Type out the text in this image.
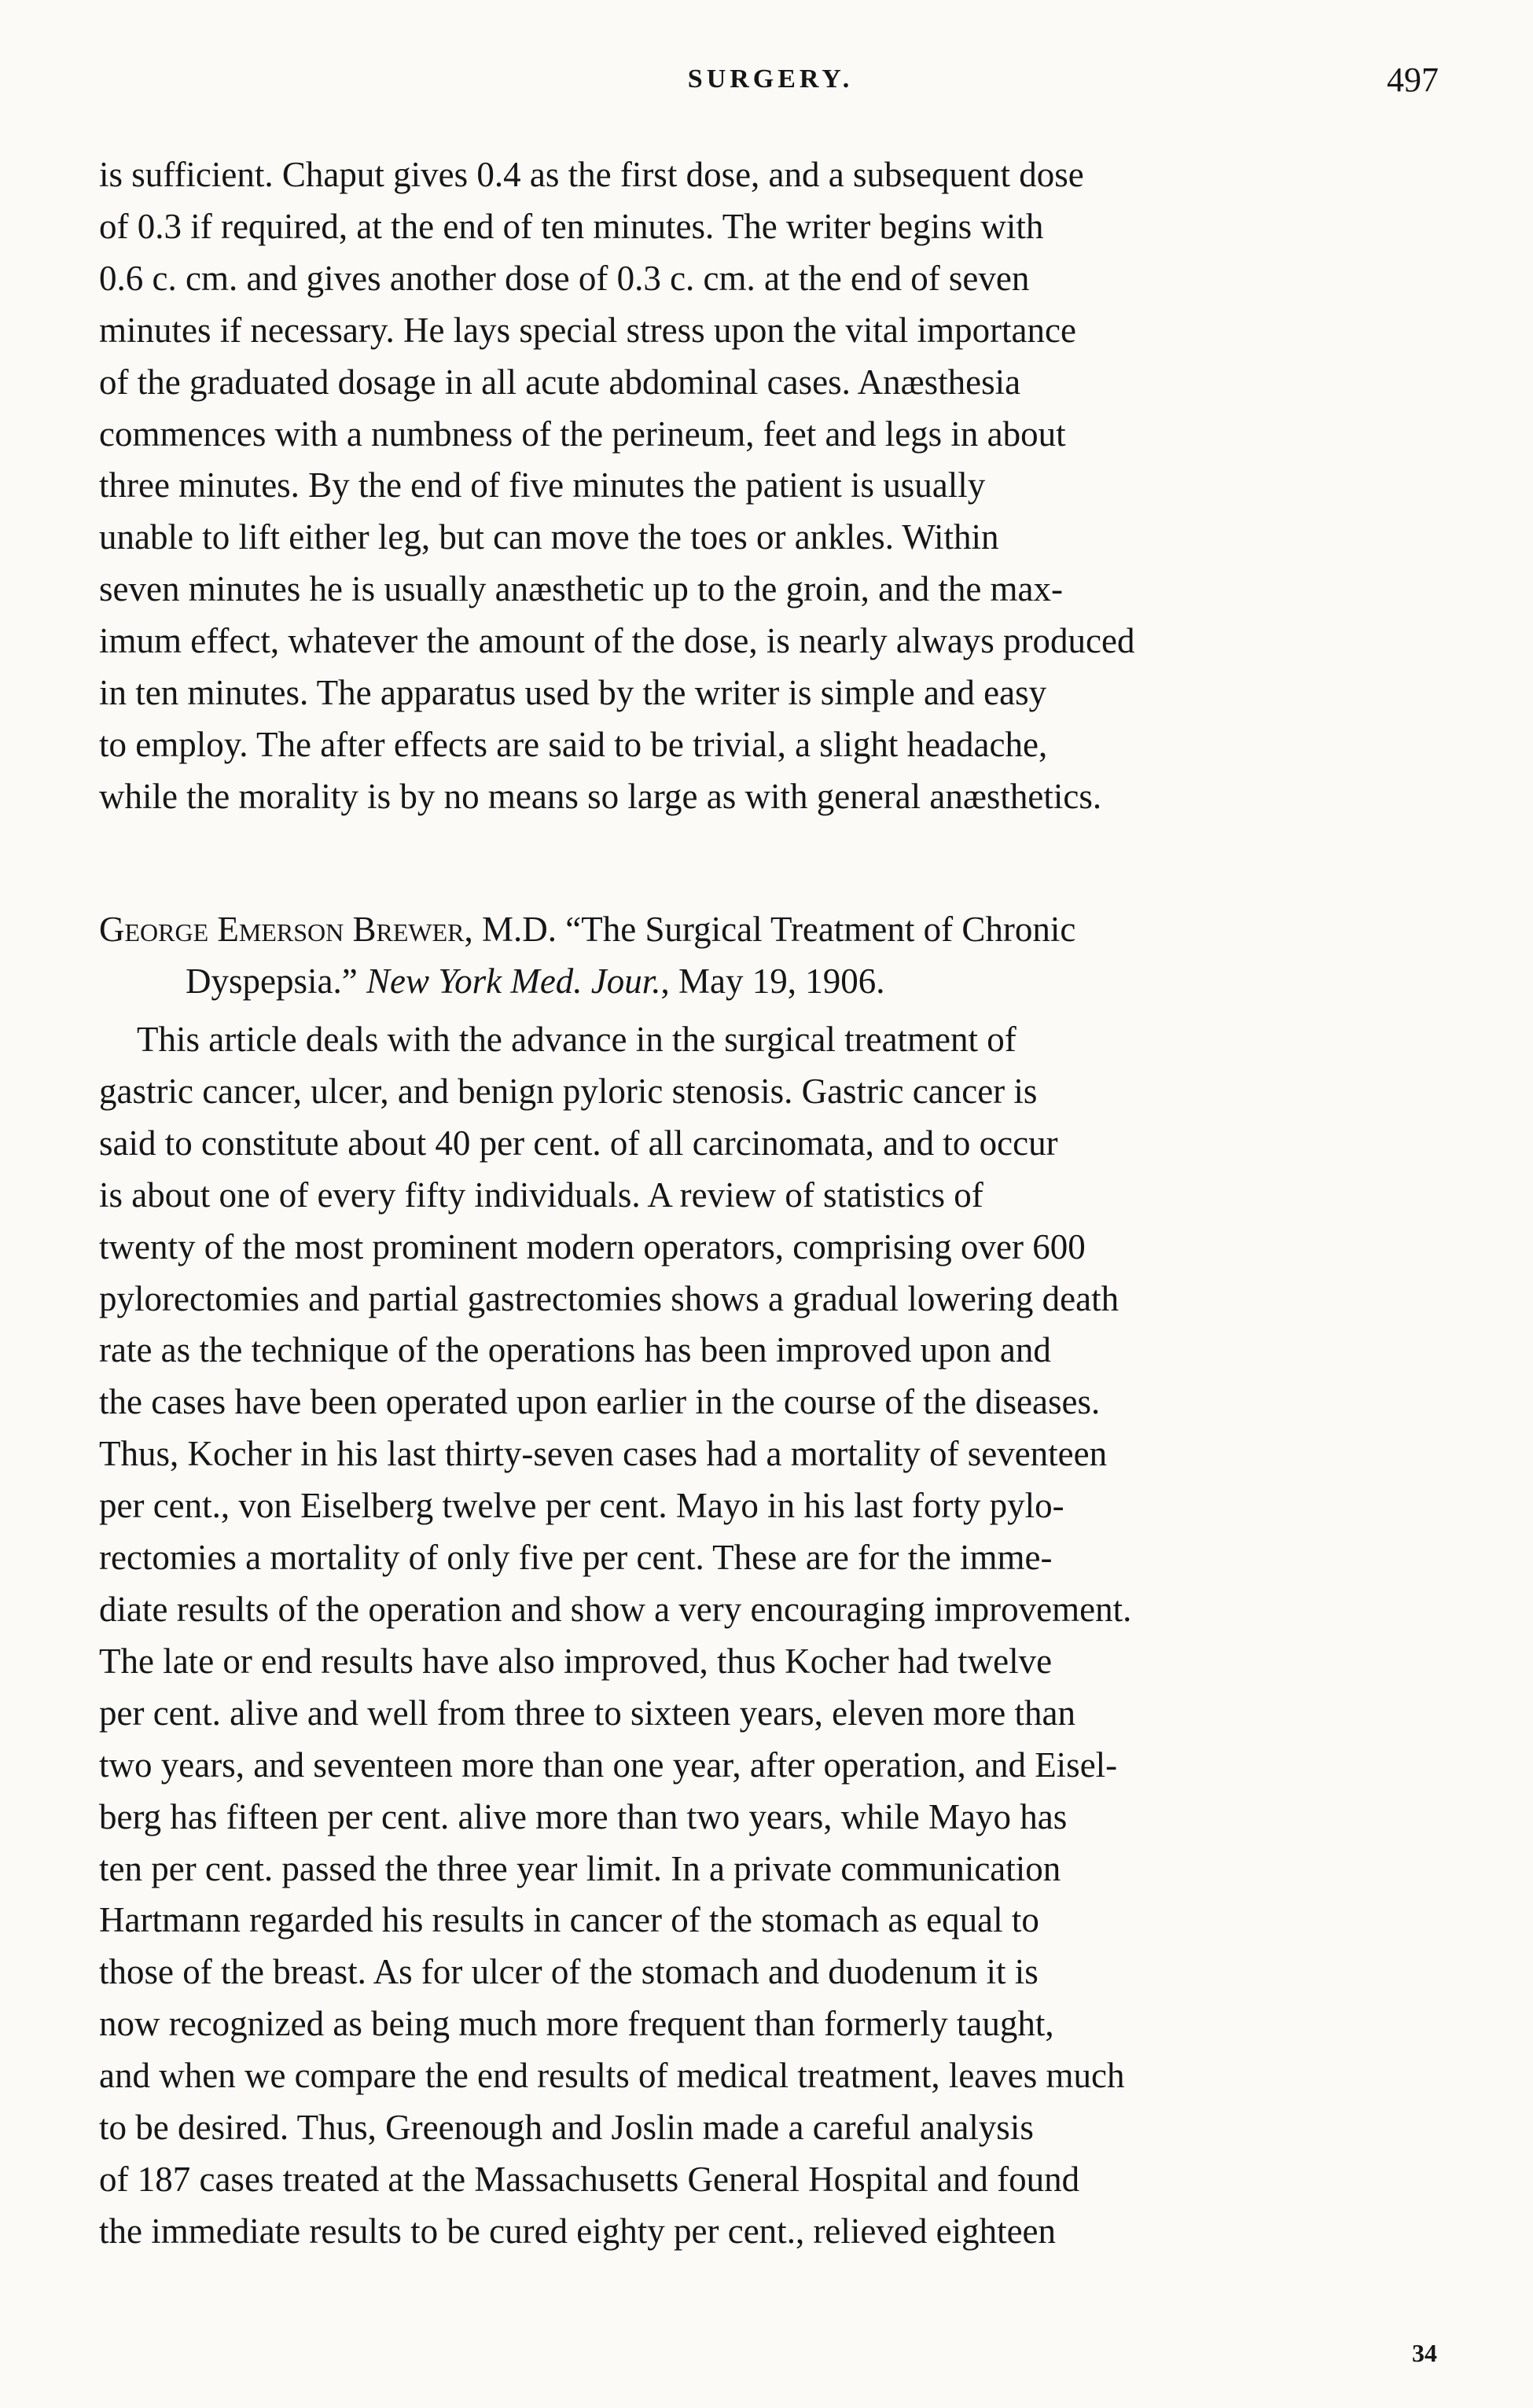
SURGERY.	497
is sufficient. Chaput gives 0.4 as the first dose, and a subsequent dose
of 0.3 if required, at the end of ten minutes. The writer begins with
0.6 c. cm. and gives another dose of 0.3 c. cm. at the end of seven
minutes if necessary. He lays special stress upon the vital importance
of the graduated dosage in all acute abdominal cases. Anæsthesia
commences with a numbness of the perineum, feet and legs in about
three minutes. By the end of five minutes the patient is usually
unable to lift either leg, but can move the toes or ankles. Within
seven minutes he is usually anæsthetic up to the groin, and the max-
imum effect, whatever the amount of the dose, is nearly always produced
in ten minutes. The apparatus used by the writer is simple and easy
to employ. The after effects are said to be trivial, a slight headache,
while the morality is by no means so large as with general anæsthetics.
George Emerson Brewer, M.D. “The Surgical Treatment of Chronic
Dyspepsia.” New York Med. Jour., May 19, 1906.
This article deals with the advance in the surgical treatment of
gastric cancer, ulcer, and benign pyloric stenosis. Gastric cancer is
said to constitute about 40 per cent. of all carcinomata, and to occur
is about one of every fifty individuals. A review of statistics of
twenty of the most prominent modern operators, comprising over 600
pylorectomies and partial gastrectomies shows a gradual lowering death
rate as the technique of the operations has been improved upon and
the cases have been operated upon earlier in the course of the diseases.
Thus, Kocher in his last thirty-seven cases had a mortality of seventeen
per cent., von Eiselberg twelve per cent. Mayo in his last forty pylo-
rectomies a mortality of only five per cent. These are for the imme-
diate results of the operation and show a very encouraging improvement.
The late or end results have also improved, thus Kocher had twelve
per cent. alive and well from three to sixteen years, eleven more than
two years, and seventeen more than one year, after operation, and Eisel-
berg has fifteen per cent. alive more than two years, while Mayo has
ten per cent. passed the three year limit. In a private communication
Hartmann regarded his results in cancer of the stomach as equal to
those of the breast. As for ulcer of the stomach and duodenum it is
now recognized as being much more frequent than formerly taught,
and when we compare the end results of medical treatment, leaves much
to be desired. Thus, Greenough and Joslin made a careful analysis
of 187 cases treated at the Massachusetts General Hospital and found
the immediate results to be cured eighty per cent., relieved eighteen
34
